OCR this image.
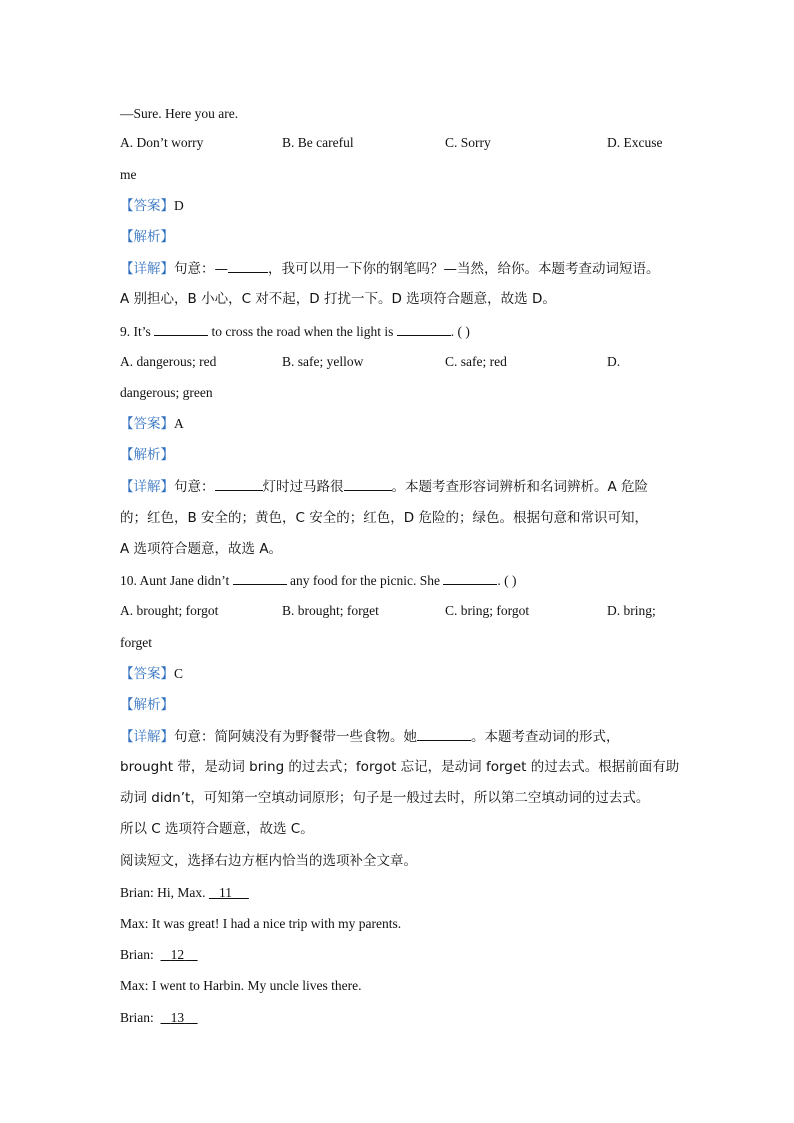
—Sure. Here you are.
A. Don’t worry	B. Be careful	C. Sorry	D. Excuse
me
【答案】D
【解析】
【详解】句意：—	，我可以用一下你的钢笔吗？—当然，给你。本题考查动词短语。
A 别担心，B 小心，C 对不起，D 打扰一下。D 选项符合题意，故选 D。
9. It’s	to cross the road when the light is	. ( )
A. dangerous; red	B. safe; yellow	C. safe; red	D.
dangerous; green
【答案】A
【解析】
【详解】句意：	灯时过马路很	。本题考查形容词辨析和名词辨析。A 危险
的；红色，B 安全的；黄色，C 安全的；红色，D 危险的；绿色。根据句意和常识可知，
A 选项符合题意，故选 A。
10. Aunt Jane didn’t	any food for the picnic. She	. ( )
A. brought; forgot	B. brought; forget	C. bring; forgot	D. bring;
forget
【答案】C
【解析】
【详解】句意：简阿姨没有为野餐带一些食物。她	。本题考查动词的形式，
brought 带，是动词 bring 的过去式；forgot 忘记，是动词 forget 的过去式。根据前面有助
动词 didn’t，可知第一空填动词原形；句子是一般过去时，所以第二空填动词的过去式。
所以 C 选项符合题意，故选 C。
阅读短文，选择右边方框内恰当的选项补全文章。
Brian: Hi, Max. 11
Max: It was great! I had a nice trip with my parents.
Brian: 12
Max: I went to Harbin. My uncle lives there.
Brian: 13
